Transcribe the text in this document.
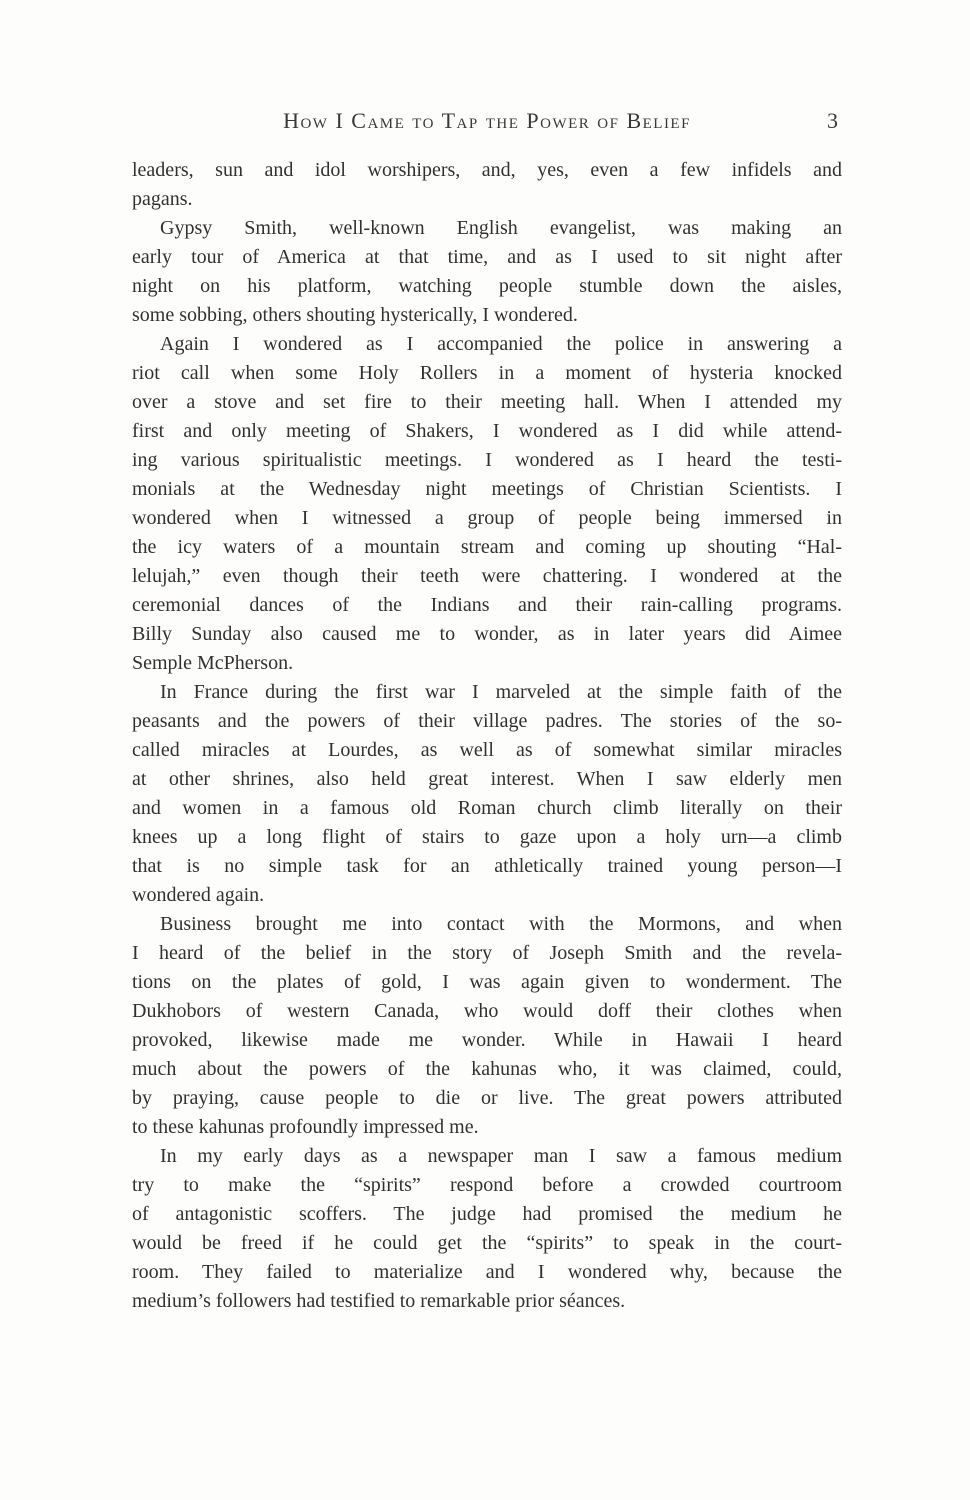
How I Came to Tap the Power of Belief	3
leaders, sun and idol worshipers, and, yes, even a few infidels and
pagans.
Gypsy Smith, well-known English evangelist, was making an
early tour of America at that time, and as I used to sit night after
night on his platform, watching people stumble down the aisles,
some sobbing, others shouting hysterically, I wondered.
Again I wondered as I accompanied the police in answering a
riot call when some Holy Rollers in a moment of hysteria knocked
over a stove and set fire to their meeting hall. When I attended my
first and only meeting of Shakers, I wondered as I did while attend-
ing various spiritualistic meetings. I wondered as I heard the testi-
monials at the Wednesday night meetings of Christian Scientists. I
wondered when I witnessed a group of people being immersed in
the icy waters of a mountain stream and coming up shouting “Hal-
lelujah,” even though their teeth were chattering. I wondered at the
ceremonial dances of the Indians and their rain-calling programs.
Billy Sunday also caused me to wonder, as in later years did Aimee
Semple McPherson.
In France during the first war I marveled at the simple faith of the
peasants and the powers of their village padres. The stories of the so-
called miracles at Lourdes, as well as of somewhat similar miracles
at other shrines, also held great interest. When I saw elderly men
and women in a famous old Roman church climb literally on their
knees up a long flight of stairs to gaze upon a holy urn—a climb
that is no simple task for an athletically trained young person—I
wondered again.
Business brought me into contact with the Mormons, and when
I heard of the belief in the story of Joseph Smith and the revela-
tions on the plates of gold, I was again given to wonderment. The
Dukhobors of western Canada, who would doff their clothes when
provoked, likewise made me wonder. While in Hawaii I heard
much about the powers of the kahunas who, it was claimed, could,
by praying, cause people to die or live. The great powers attributed
to these kahunas profoundly impressed me.
In my early days as a newspaper man I saw a famous medium
try to make the “spirits” respond before a crowded courtroom
of antagonistic scoffers. The judge had promised the medium he
would be freed if he could get the “spirits” to speak in the court-
room. They failed to materialize and I wondered why, because the
medium’s followers had testified to remarkable prior séances.
